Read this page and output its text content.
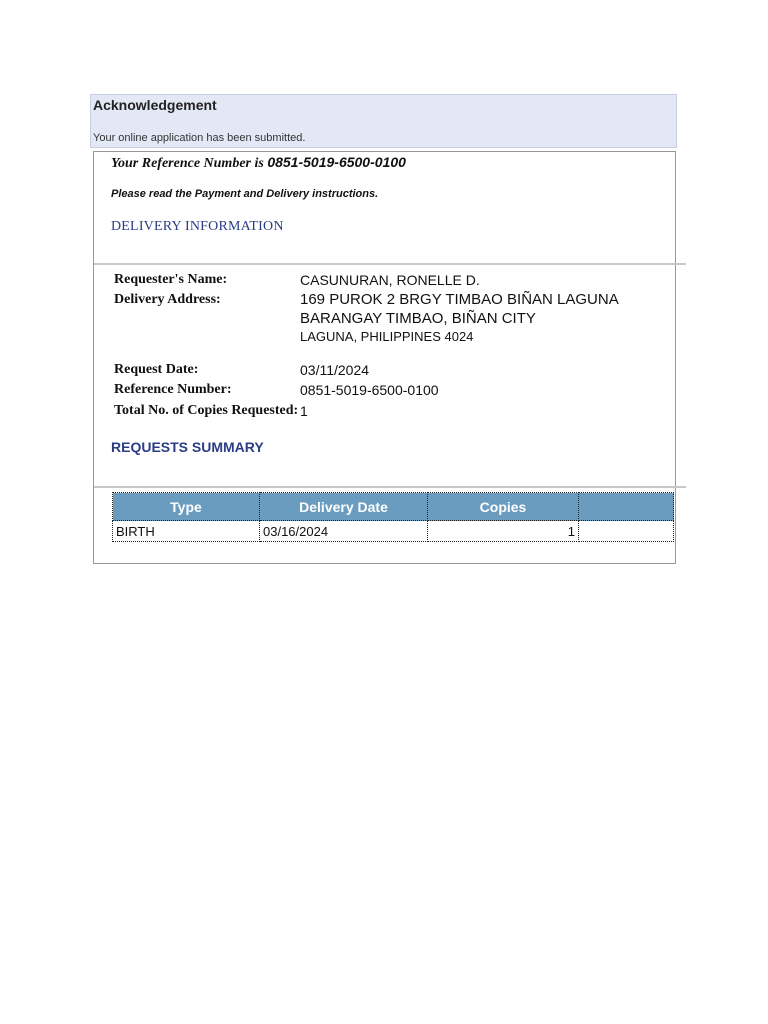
Acknowledgement
Your online application has been submitted.
Your Reference Number is 0851-5019-6500-0100
Please read the Payment and Delivery instructions.
DELIVERY INFORMATION
Requester's Name:	CASUNURAN, RONELLE D.
Delivery Address:	169 PUROK 2 BRGY TIMBAO BIÑAN LAGUNA
BARANGAY TIMBAO, BIÑAN CITY
LAGUNA, PHILIPPINES 4024
Request Date:	03/11/2024
Reference Number:	0851-5019-6500-0100
Total No. of Copies Requested: 1
REQUESTS SUMMARY
Type	Delivery Date	Copies	
BIRTH	03/16/2024	1	
